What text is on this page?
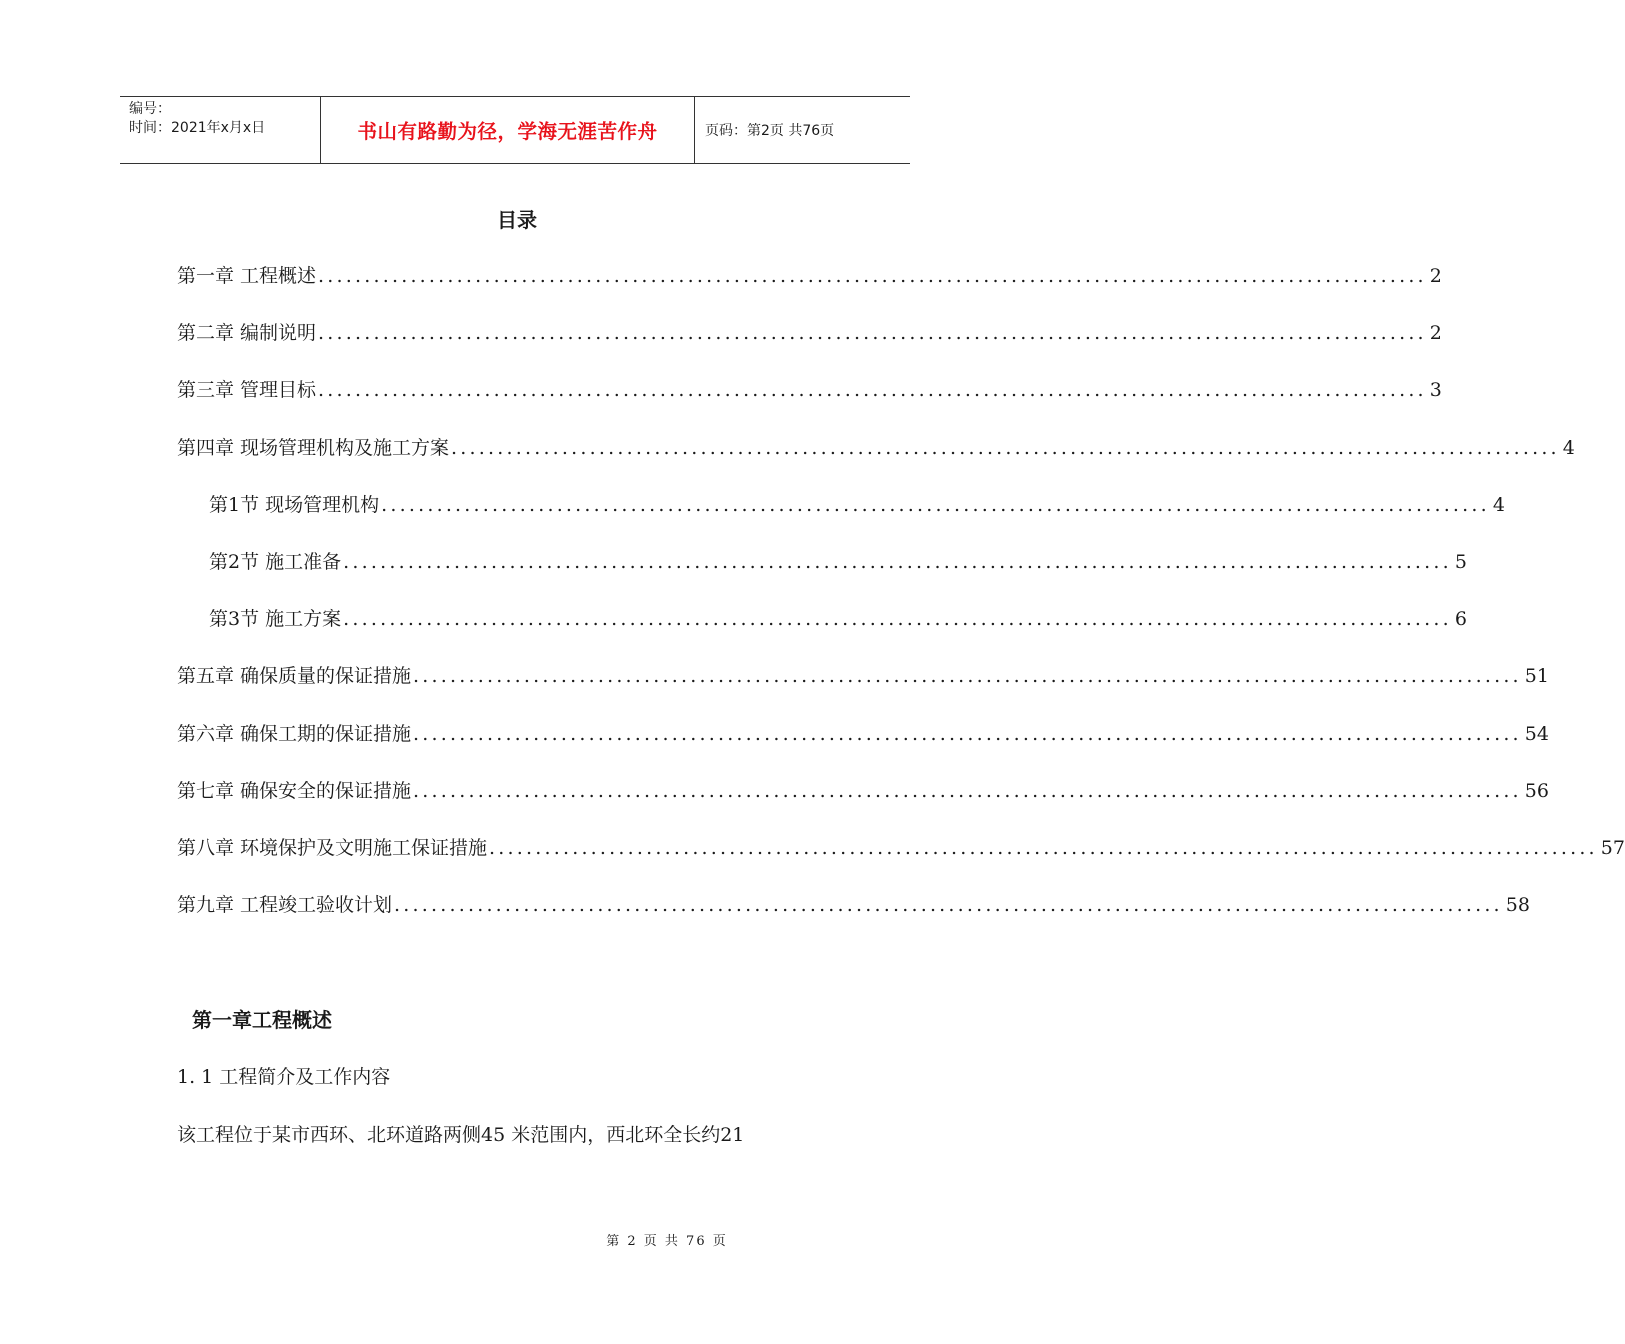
编号：
时间：2021年x月x日	书山有路勤为径，学海无涯苦作舟	页码：第2页 共76页
目录
第一章 工程概述 ........................................................................................................................ 2
第二章 编制说明 ........................................................................................................................ 2
第三章 管理目标 ........................................................................................................................ 3
第四章 现场管理机构及施工方案 ........................................................................................................................ 4
第1节 现场管理机构 ........................................................................................................................ 4
第2节 施工准备 ........................................................................................................................ 5
第3节 施工方案 ........................................................................................................................ 6
第五章 确保质量的保证措施 ........................................................................................................................ 51
第六章 确保工期的保证措施 ........................................................................................................................ 54
第七章 确保安全的保证措施 ........................................................................................................................ 56
第八章 环境保护及文明施工保证措施 ........................................................................................................................ 57
第九章 工程竣工验收计划 ........................................................................................................................ 58
第一章工程概述
1. 1 工程简介及工作内容
该工程位于某市西环、北环道路两侧45 米范围内，西北环全长约21
第 2 页 共 76 页
